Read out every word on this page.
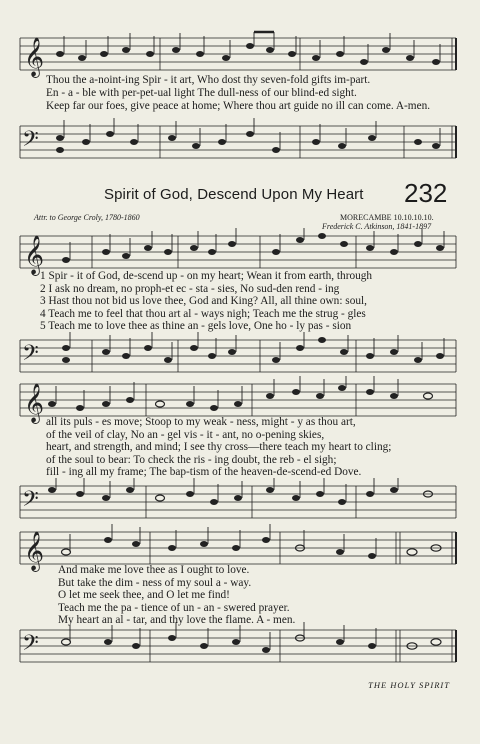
𝄞
Thou the a-noint-ing Spir - it art, Who dost thy seven-fold gifts im-part.
En - a - ble with per-pet-ual light The dull-ness of our blind-ed sight.
Keep far our foes, give peace at home; Where thou art guide no ill can come. A-men.
𝄢
Spirit of God, Descend Upon My Heart 232
Attr. to George Croly, 1780-1860	MORECAMBE 10.10.10.10.
Frederick C. Atkinson, 1841-1897
𝄞
1 Spir - it of God, de-scend up - on my heart; Wean it from earth, through
2 I ask no dream, no proph-et ec - sta - sies, No sud-den rend - ing
3 Hast thou not bid us love thee, God and King? All, all thine own: soul,
4 Teach me to feel that thou art al - ways nigh; Teach me the strug - gles
5 Teach me to love thee as thine an - gels love, One ho - ly pas - sion
𝄢
𝄞 all its puls - es move; Stoop to my weak - ness, might - y as thou art,
of the veil of clay, No an - gel vis - it - ant, no o-pening skies,
heart, and strength, and mind; I see thy cross—there teach my heart to cling;
of the soul to bear: To check the ris - ing doubt, the reb - el sigh;
fill - ing all my frame; The bap-tism of the heaven-de-scend-ed Dove.
𝄢
𝄞 And make me love thee as I ought to love.
But take the dim - ness of my soul a - way.
O let me seek thee, and O let me find!
Teach me the pa - tience of un - an - swered prayer.
My heart an al - tar, and thy love the flame. A - men.
𝄢
THE HOLY SPIRIT
